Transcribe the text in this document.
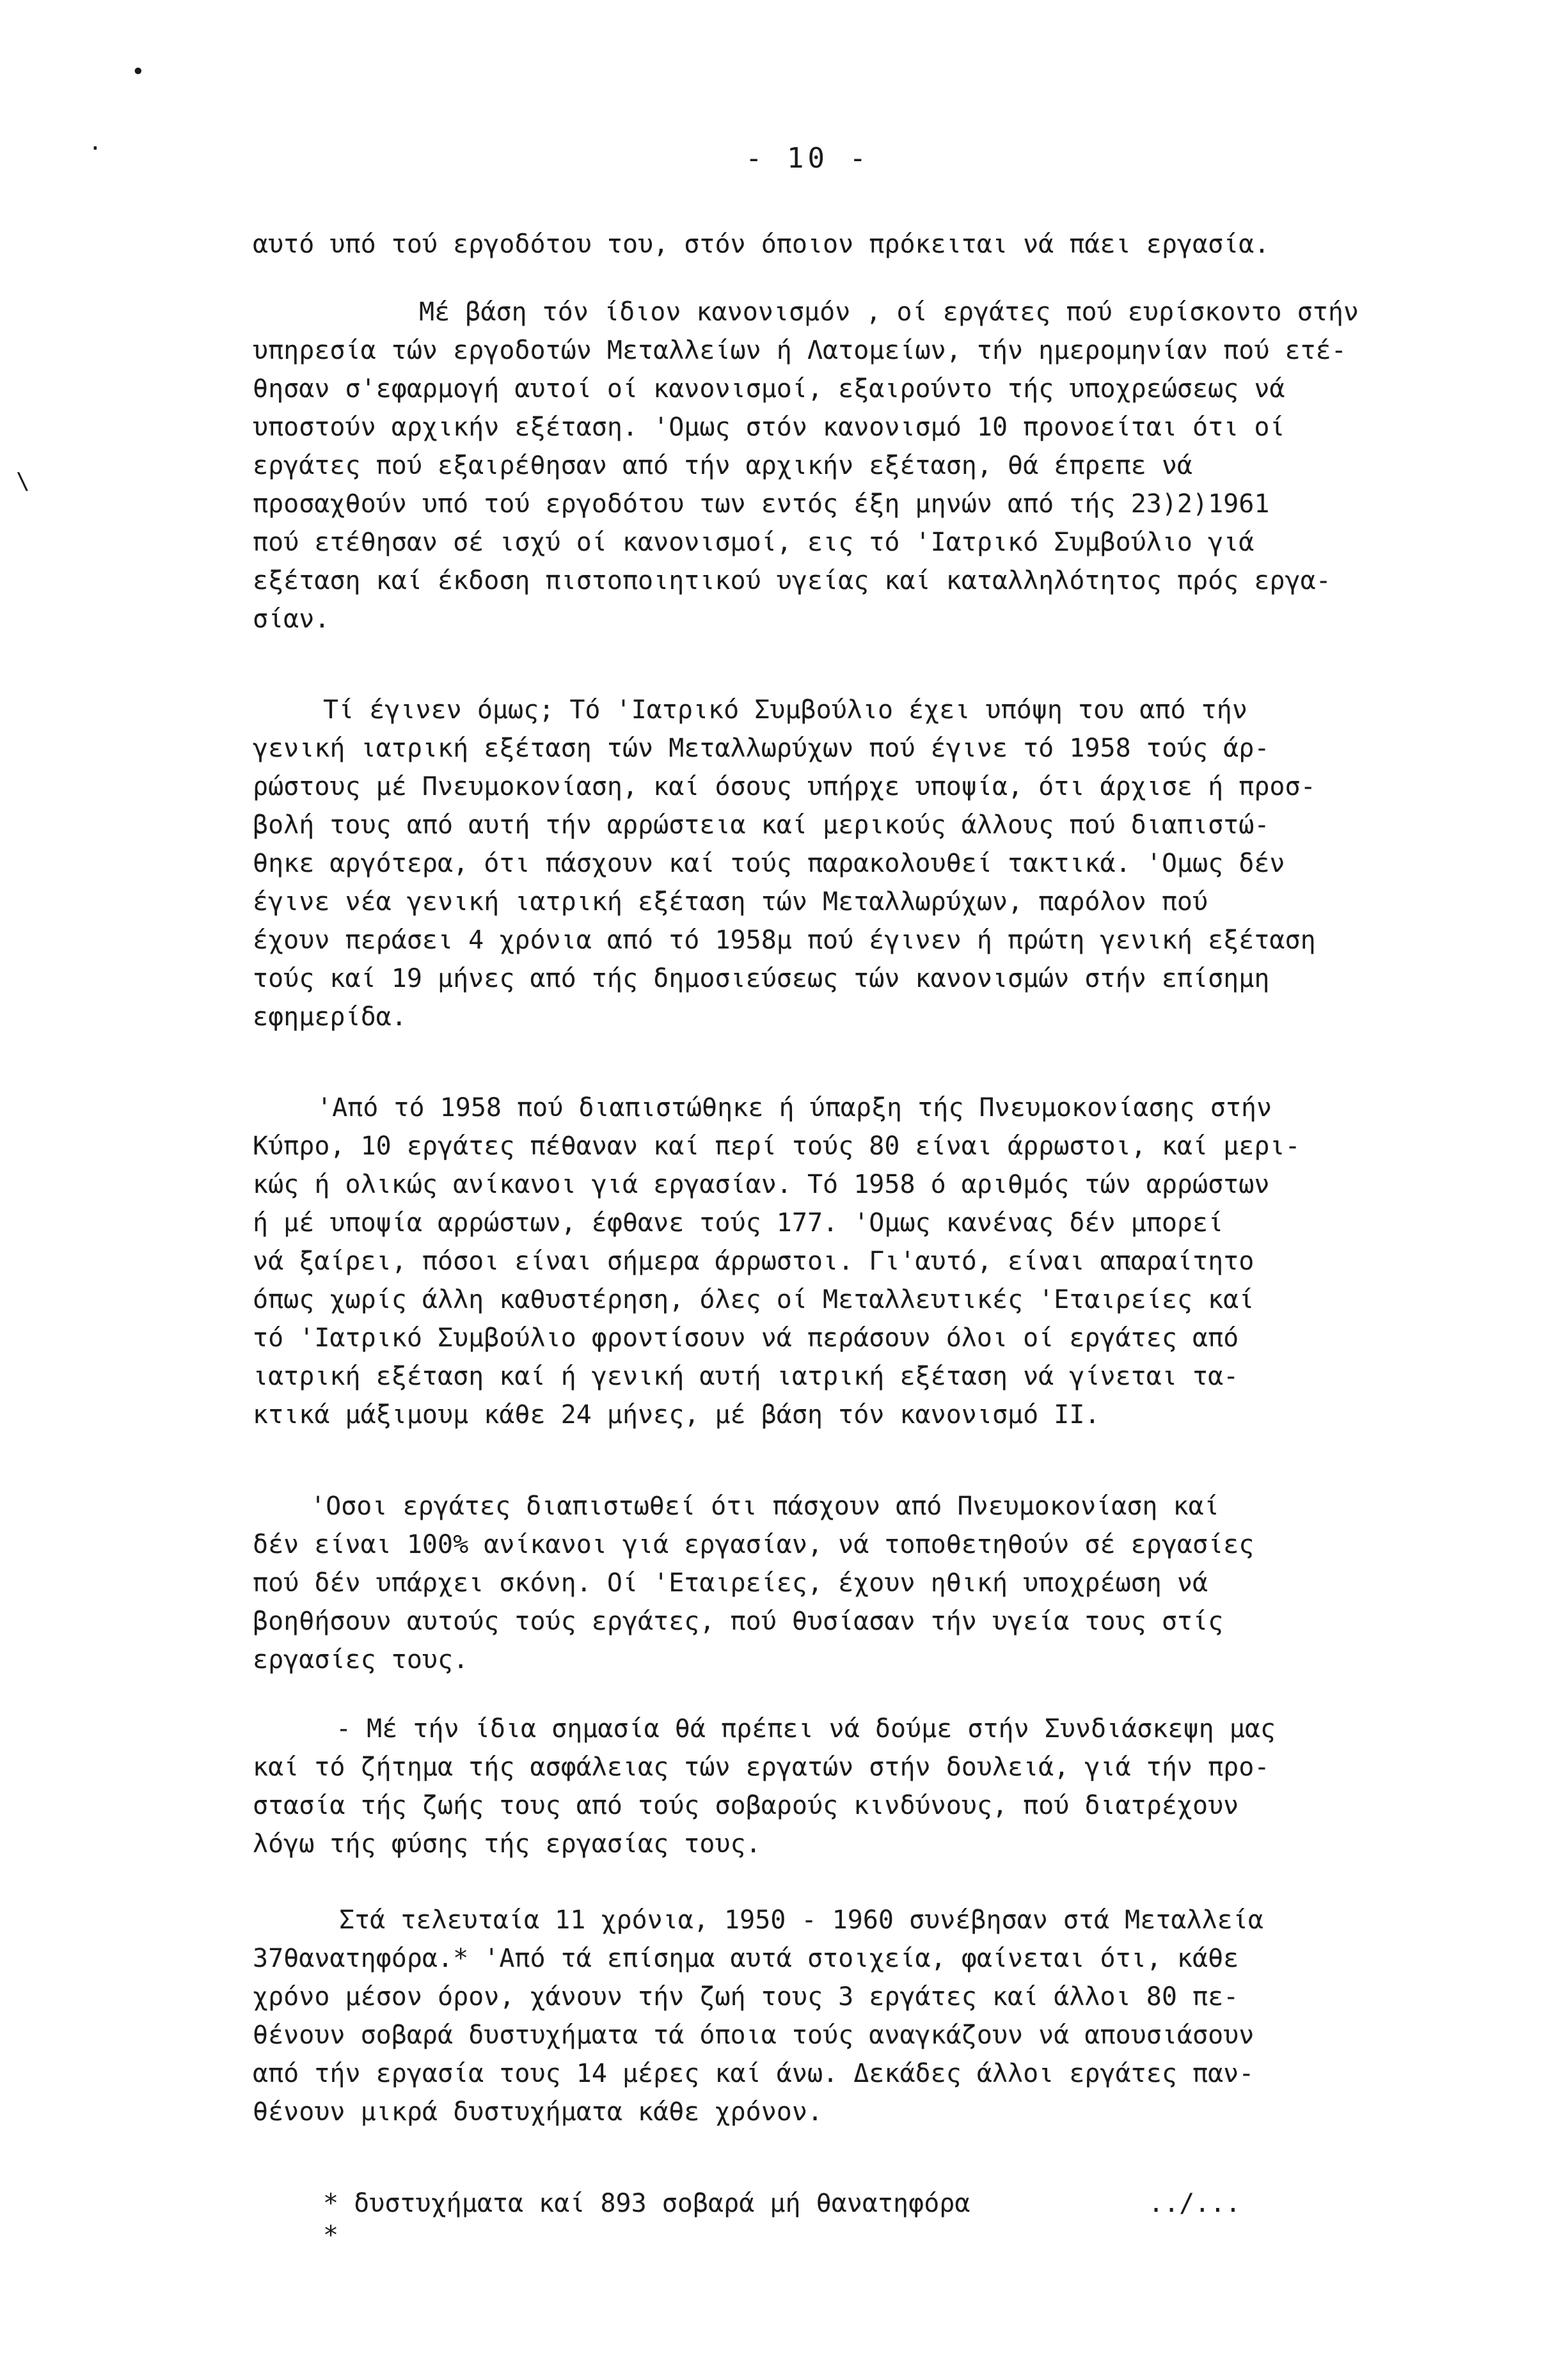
- 10 -
αυτό υπό τού εργοδότου του, στόν όποιον πρόκειται νά πάει εργασία.
Μέ βάση τόν ίδιον κανονισμόν , οί εργάτες πού ευρίσκοντο στήν
υπηρεσία τών εργοδοτών Μεταλλείων ή Λατομείων, τήν ημερομηνίαν πού ετέ-
θησαν σ'εφαρμογή αυτοί οί κανονισμοί, εξαιρούντο τής υποχρεώσεως νά
υποστούν αρχικήν εξέταση. 'Ομως στόν κανονισμό 10 προνοείται ότι οί
εργάτες πού εξαιρέθησαν από τήν αρχικήν εξέταση, θά έπρεπε νά
προσαχθούν υπό τού εργοδότου των εντός έξη μηνών από τής 23)2)1961
πού ετέθησαν σέ ισχύ οί κανονισμοί, εις τό 'Ιατρικό Συμβούλιο γιά
εξέταση καί έκδοση πιστοποιητικού υγείας καί καταλληλότητος πρός εργα-
σίαν.
Τί έγινεν όμως; Τό 'Ιατρικό Συμβούλιο έχει υπόψη του από τήν
γενική ιατρική εξέταση τών Μεταλλωρύχων πού έγινε τό 1958 τούς άρ-
ρώστους μέ Πνευμοκονίαση, καί όσους υπήρχε υποψία, ότι άρχισε ή προσ-
βολή τους από αυτή τήν αρρώστεια καί μερικούς άλλους πού διαπιστώ-
θηκε αργότερα, ότι πάσχουν καί τούς παρακολουθεί τακτικά. 'Ομως δέν
έγινε νέα γενική ιατρική εξέταση τών Μεταλλωρύχων, παρόλον πού
έχουν περάσει 4 χρόνια από τό 1958μ πού έγινεν ή πρώτη γενική εξέταση
τούς καί 19 μήνες από τής δημοσιεύσεως τών κανονισμών στήν επίσημη
εφημερίδα.
'Από τό 1958 πού διαπιστώθηκε ή ύπαρξη τής Πνευμοκονίασης στήν
Κύπρο, 10 εργάτες πέθαναν καί περί τούς 80 είναι άρρωστοι, καί μερι-
κώς ή ολικώς ανίκανοι γιά εργασίαν. Τό 1958 ό αριθμός τών αρρώστων
ή μέ υποψία αρρώστων, έφθανε τούς 177. 'Ομως κανένας δέν μπορεί
νά ξαίρει, πόσοι είναι σήμερα άρρωστοι. Γι'αυτό, είναι απαραίτητο
όπως χωρίς άλλη καθυστέρηση, όλες οί Μεταλλευτικές 'Εταιρείες καί
τό 'Ιατρικό Συμβούλιο φροντίσουν νά περάσουν όλοι οί εργάτες από
ιατρική εξέταση καί ή γενική αυτή ιατρική εξέταση νά γίνεται τα-
κτικά μάξιμουμ κάθε 24 μήνες, μέ βάση τόν κανονισμό II.
'Οσοι εργάτες διαπιστωθεί ότι πάσχουν από Πνευμοκονίαση καί
δέν είναι 100% ανίκανοι γιά εργασίαν, νά τοποθετηθούν σέ εργασίες
πού δέν υπάρχει σκόνη. Οί 'Εταιρείες, έχουν ηθική υποχρέωση νά
βοηθήσουν αυτούς τούς εργάτες, πού θυσίασαν τήν υγεία τους στίς
εργασίες τους.
- Μέ τήν ίδια σημασία θά πρέπει νά δούμε στήν Συνδιάσκεψη μας
καί τό ζήτημα τής ασφάλειας τών εργατών στήν δουλειά, γιά τήν προ-
στασία τής ζωής τους από τούς σοβαρούς κινδύνους, πού διατρέχουν
λόγω τής φύσης τής εργασίας τους.
Στά τελευταία 11 χρόνια, 1950 - 1960 συνέβησαν στά Μεταλλεία
37θανατηφόρα.* 'Από τά επίσημα αυτά στοιχεία, φαίνεται ότι, κάθε
χρόνο μέσον όρον, χάνουν τήν ζωή τους 3 εργάτες καί άλλοι 80 πε-
θένουν σοβαρά δυστυχήματα τά όποια τούς αναγκάζουν νά απουσιάσουν
από τήν εργασία τους 14 μέρες καί άνω. Δεκάδες άλλοι εργάτες παν-
θένουν μικρά δυστυχήματα κάθε χρόνον.
* δυστυχήματα καί 893 σοβαρά μή θανατηφόρα
*
../...
•
·
\
